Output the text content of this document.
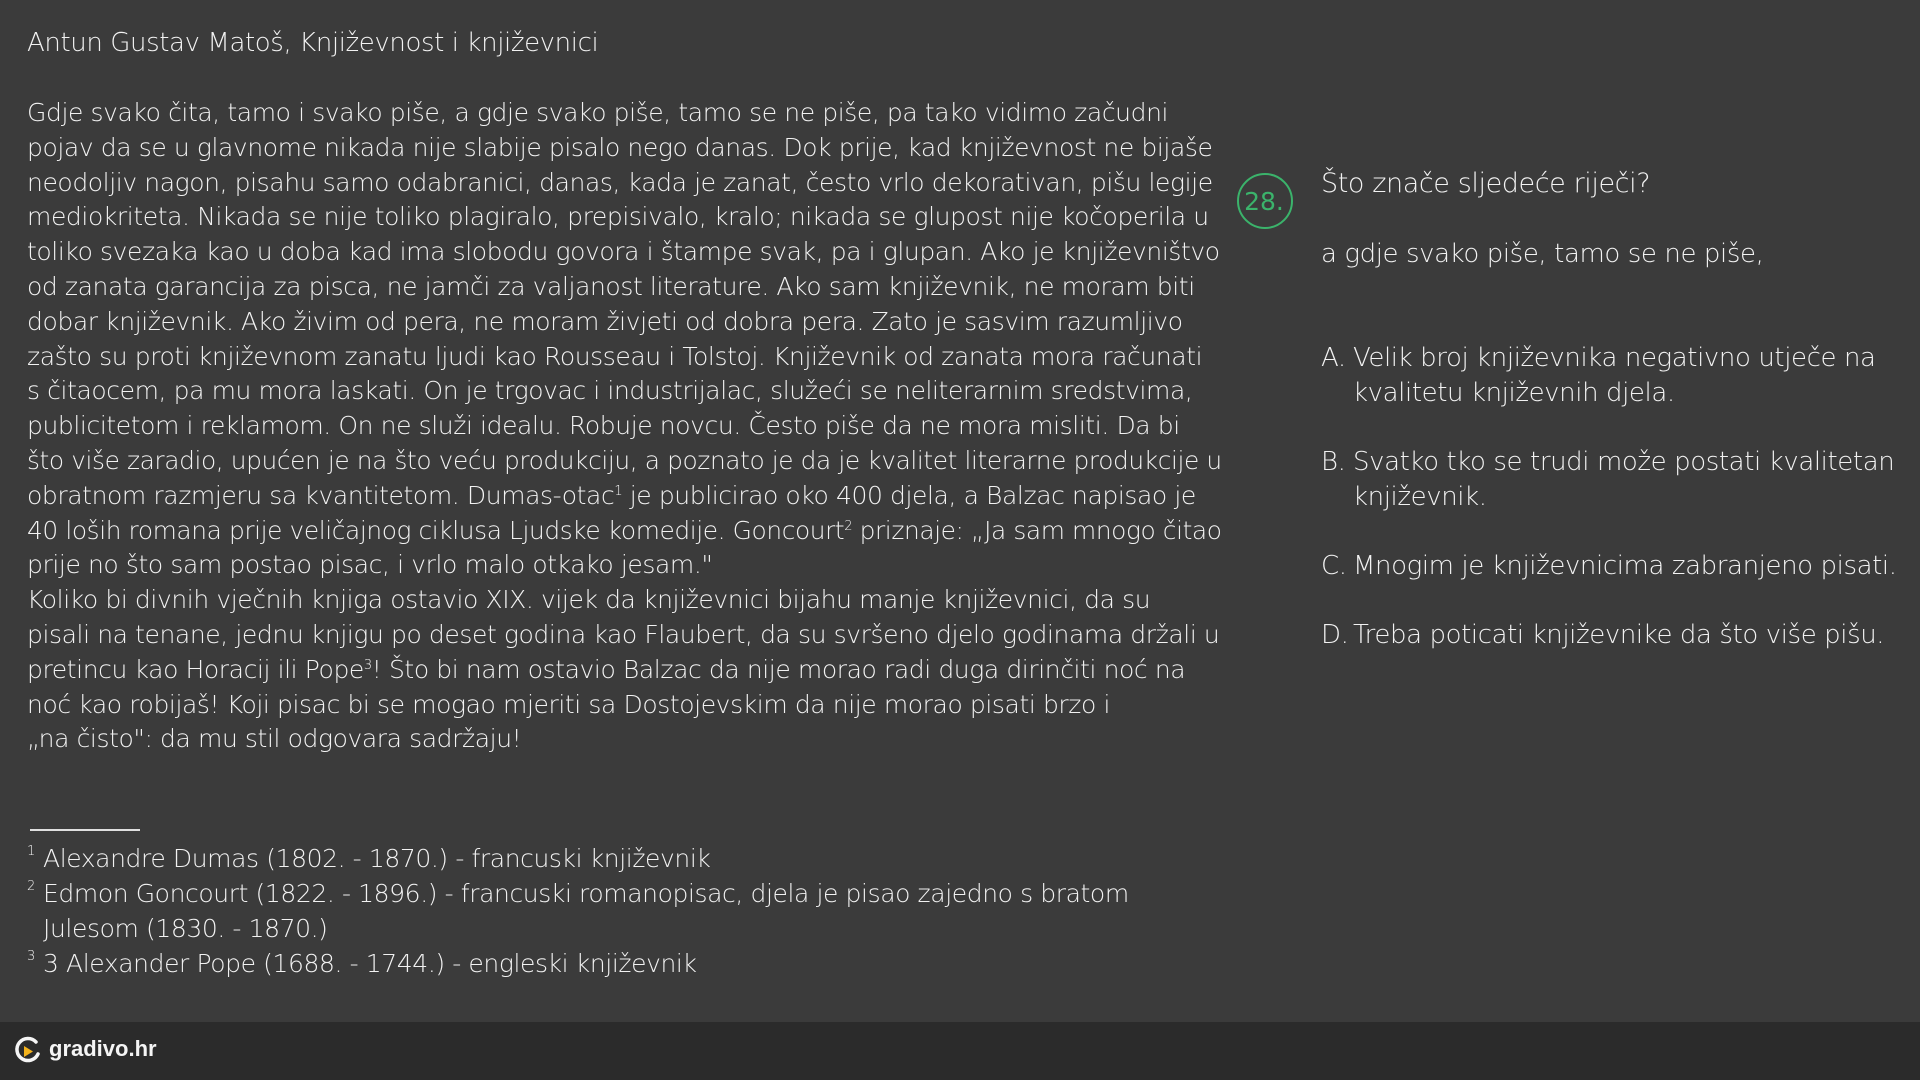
Antun Gustav Matoš, Književnost i književnici
Gdje svako čita, tamo i svako piše, a gdje svako piše, tamo se ne piše, pa tako vidimo začudni
pojav da se u glavnome nikada nije slabije pisalo nego danas. Dok prije, kad književnost ne bijaše
neodoljiv nagon, pisahu samo odabranici, danas, kada je zanat, često vrlo dekorativan, pišu legije
mediokriteta. Nikada se nije toliko plagiralo, prepisivalo, kralo; nikada se glupost nije kočoperila u
toliko svezaka kao u doba kad ima slobodu govora i štampe svak, pa i glupan. Ako je književništvo
od zanata garancija za pisca, ne jamči za valjanost literature. Ako sam književnik, ne moram biti
dobar književnik. Ako živim od pera, ne moram živjeti od dobra pera. Zato je sasvim razumljivo
zašto su proti književnom zanatu ljudi kao Rousseau i Tolstoj. Književnik od zanata mora računati
s čitaocem, pa mu mora laskati. On je trgovac i industrijalac, služeći se neliterarnim sredstvima,
publicitetom i reklamom. On ne služi idealu. Robuje novcu. Često piše da ne mora misliti. Da bi
što više zaradio, upućen je na što veću produkciju, a poznato je da je kvalitet literarne produkcije u
obratnom razmjeru sa kvantitetom. Dumas-otac$^1$ je publicirao oko 400 djela, a Balzac napisao je
40 loših romana prije veličajnog ciklusa Ljudske komedije. Goncourt$^2$ priznaje: „Ja sam mnogo čitao
prije no što sam postao pisac, i vrlo malo otkako jesam."
Koliko bi divnih vječnih knjiga ostavio XIX. vijek da književnici bijahu manje književnici, da su
pisali na tenane, jednu knjigu po deset godina kao Flaubert, da su svršeno djelo godinama držali u
pretincu kao Horacij ili Pope$^3$! Što bi nam ostavio Balzac da nije morao radi duga dirinčiti noć na
noć kao robijaš! Koji pisac bi se mogao mjeriti sa Dostojevskim da nije morao pisati brzo i
„na čisto": da mu stil odgovara sadržaju!
1 Alexandre Dumas (1802. - 1870.) - francuski književnik
2 Edmon Goncourt (1822. - 1896.) - francuski romanopisac, djela je pisao zajedno s bratom
Julesom (1830. - 1870.)
3 3 Alexander Pope (1688. - 1744.) - engleski književnik
28.
Što znače sljedeće riječi?
a gdje svako piše, tamo se ne piše,
A. Velik broj književnika negativno utječe na kvalitetu književnih djela.
B. Svatko tko se trudi može postati kvalitetan književnik.
C. Mnogim je književnicima zabranjeno pisati.
D. Treba poticati književnike da što više pišu.
gradivo.hr
